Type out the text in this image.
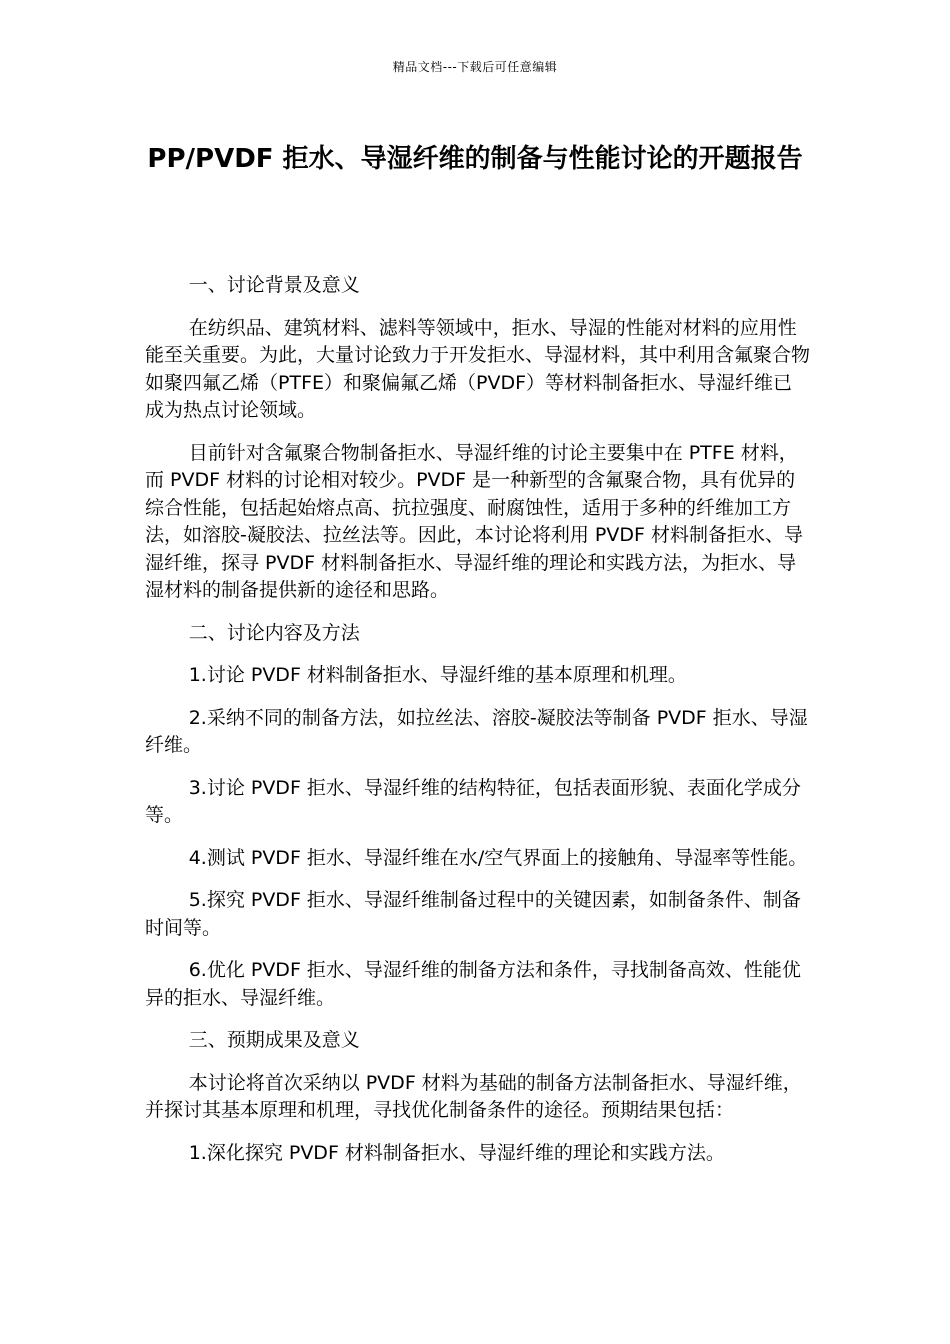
精品文档---下载后可任意编辑
PP/PVDF 拒水、导湿纤维的制备与性能讨论的开题报告

一、讨论背景及意义

在纺织品、建筑材料、滤料等领域中，拒水、导湿的性能对材料的应用性能至关重要。为此，大量讨论致力于开发拒水、导湿材料，其中利用含氟聚合物如聚四氟乙烯（PTFE）和聚偏氟乙烯（PVDF）等材料制备拒水、导湿纤维已成为热点讨论领域。

目前针对含氟聚合物制备拒水、导湿纤维的讨论主要集中在 PTFE 材料，而 PVDF 材料的讨论相对较少。PVDF 是一种新型的含氟聚合物，具有优异的综合性能，包括起始熔点高、抗拉强度、耐腐蚀性，适用于多种的纤维加工方法，如溶胶-凝胶法、拉丝法等。因此，本讨论将利用 PVDF 材料制备拒水、导湿纤维，探寻 PVDF 材料制备拒水、导湿纤维的理论和实践方法，为拒水、导湿材料的制备提供新的途径和思路。

二、讨论内容及方法

1.讨论 PVDF 材料制备拒水、导湿纤维的基本原理和机理。

2.采纳不同的制备方法，如拉丝法、溶胶-凝胶法等制备 PVDF 拒水、导湿纤维。

3.讨论 PVDF 拒水、导湿纤维的结构特征，包括表面形貌、表面化学成分等。

4.测试 PVDF 拒水、导湿纤维在水/空气界面上的接触角、导湿率等性能。

5.探究 PVDF 拒水、导湿纤维制备过程中的关键因素，如制备条件、制备时间等。

6.优化 PVDF 拒水、导湿纤维的制备方法和条件，寻找制备高效、性能优异的拒水、导湿纤维。

三、预期成果及意义

本讨论将首次采纳以 PVDF 材料为基础的制备方法制备拒水、导湿纤维，并探讨其基本原理和机理，寻找优化制备条件的途径。预期结果包括：

1.深化探究 PVDF 材料制备拒水、导湿纤维的理论和实践方法。
